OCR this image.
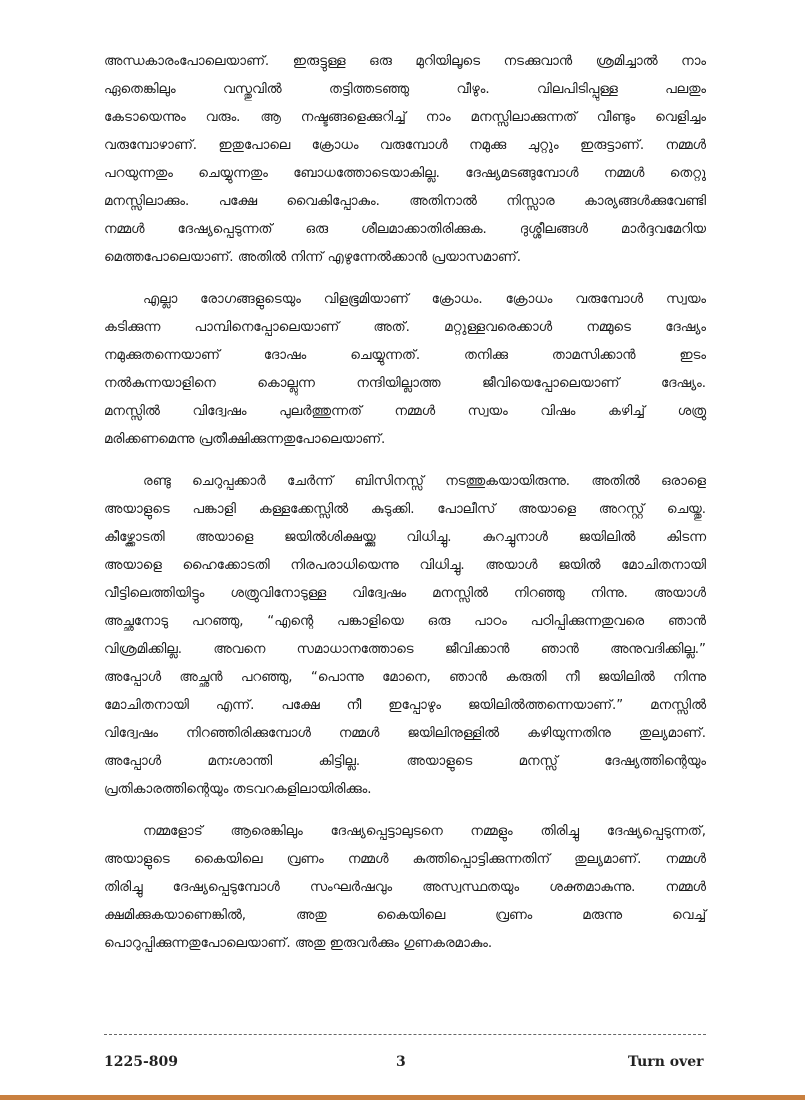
അന്ധകാരംപോലെയാണ്. ഇരുട്ടുള്ള ഒരു മുറിയിലൂടെ നടക്കുവാൻ ശ്രമിച്ചാൽ നാം
ഏതെങ്കിലും വസ്തുവിൽ തട്ടിത്തടഞ്ഞു വീഴും. വിലപിടിപ്പുള്ള പലതും
കേടായെന്നും വരും. ആ നഷ്ടങ്ങളെക്കുറിച്ച് നാം മനസ്സിലാക്കുന്നത് വീണ്ടും വെളിച്ചം
വരുമ്പോഴാണ്. ഇതുപോലെ ക്രോധം വരുമ്പോൾ നമുക്കു ചുറ്റും ഇരുട്ടാണ്. നമ്മൾ
പറയുന്നതും ചെയ്യുന്നതും ബോധത്തോടെയാകില്ല. ദേഷ്യമടങ്ങുമ്പോൾ നമ്മൾ തെറ്റു
മനസ്സിലാക്കും. പക്ഷേ വൈകിപ്പോകും. അതിനാൽ നിസ്സാര കാര്യങ്ങൾക്കുവേണ്ടി
നമ്മൾ ദേഷ്യപ്പെടുന്നത് ഒരു ശീലമാക്കാതിരിക്കുക. ദുശ്ശീലങ്ങൾ മാർദ്ദവമേറിയ
മെത്തപോലെയാണ്. അതിൽ നിന്ന് എഴുന്നേൽക്കാൻ പ്രയാസമാണ്.
എല്ലാ രോഗങ്ങളുടെയും വിളഭൂമിയാണ് ക്രോധം. ക്രോധം വരുമ്പോൾ സ്വയം
കടിക്കുന്ന പാമ്പിനെപ്പോലെയാണ് അത്. മറ്റുള്ളവരെക്കാൾ നമ്മുടെ ദേഷ്യം
നമുക്കുതന്നെയാണ് ദോഷം ചെയ്യുന്നത്. തനിക്കു താമസിക്കാൻ ഇടം
നൽകുന്നയാളിനെ കൊല്ലുന്ന നന്ദിയില്ലാത്ത ജീവിയെപ്പോലെയാണ് ദേഷ്യം.
മനസ്സിൽ വിദ്വേഷം പുലർത്തുന്നത് നമ്മൾ സ്വയം വിഷം കഴിച്ച് ശത്രു
മരിക്കണമെന്നു പ്രതീക്ഷിക്കുന്നതുപോലെയാണ്.
രണ്ടു ചെറുപ്പക്കാർ ചേർന്ന് ബിസിനസ്സ് നടത്തുകയായിരുന്നു. അതിൽ ഒരാളെ
അയാളുടെ പങ്കാളി കള്ളക്കേസ്സിൽ കുടുക്കി. പോലീസ് അയാളെ അറസ്റ്റ് ചെയ്തു.
കീഴ്ക്കോടതി അയാളെ ജയിൽശിക്ഷയ്ക്കു വിധിച്ചു. കുറച്ചുനാൾ ജയിലിൽ കിടന്ന
അയാളെ ഹൈക്കോടതി നിരപരാധിയെന്നു വിധിച്ചു. അയാൾ ജയിൽ മോചിതനായി
വീട്ടിലെത്തിയിട്ടും ശത്രുവിനോടുള്ള വിദ്വേഷം മനസ്സിൽ നിറഞ്ഞു നിന്നു. അയാൾ
അച്ഛനോടു പറഞ്ഞു, “എന്റെ പങ്കാളിയെ ഒരു പാഠം പഠിപ്പിക്കുന്നതുവരെ ഞാൻ
വിശ്രമിക്കില്ല. അവനെ സമാധാനത്തോടെ ജീവിക്കാൻ ഞാൻ അനുവദിക്കില്ല.”
അപ്പോൾ അച്ഛൻ പറഞ്ഞു, “പൊന്നു മോനെ, ഞാൻ കരുതി നീ ജയിലിൽ നിന്നു
മോചിതനായി എന്ന്. പക്ഷേ നീ ഇപ്പോഴും ജയിലിൽത്തന്നെയാണ്.” മനസ്സിൽ
വിദ്വേഷം നിറഞ്ഞിരിക്കുമ്പോൾ നമ്മൾ ജയിലിനുള്ളിൽ കഴിയുന്നതിനു തുല്യമാണ്.
അപ്പോൾ മനഃശാന്തി കിട്ടില്ല. അയാളുടെ മനസ്സ് ദേഷ്യത്തിന്റെയും
പ്രതികാരത്തിന്റെയും തടവറകളിലായിരിക്കും.
നമ്മളോട് ആരെങ്കിലും ദേഷ്യപ്പെട്ടാലുടനെ നമ്മളും തിരിച്ചു ദേഷ്യപ്പെടുന്നത്,
അയാളുടെ കൈയിലെ വ്രണം നമ്മൾ കുത്തിപ്പൊട്ടിക്കുന്നതിന് തുല്യമാണ്. നമ്മൾ
തിരിച്ചു ദേഷ്യപ്പെടുമ്പോൾ സംഘർഷവും അസ്വസ്ഥതയും ശക്തമാകുന്നു. നമ്മൾ
ക്ഷമിക്കുകയാണെങ്കിൽ, അതു കൈയിലെ വ്രണം മരുന്നു വെച്ച്
പൊറുപ്പിക്കുന്നതുപോലെയാണ്. അതു ഇരുവർക്കും ഗുണകരമാകും.
1225-809	3	Turn over
